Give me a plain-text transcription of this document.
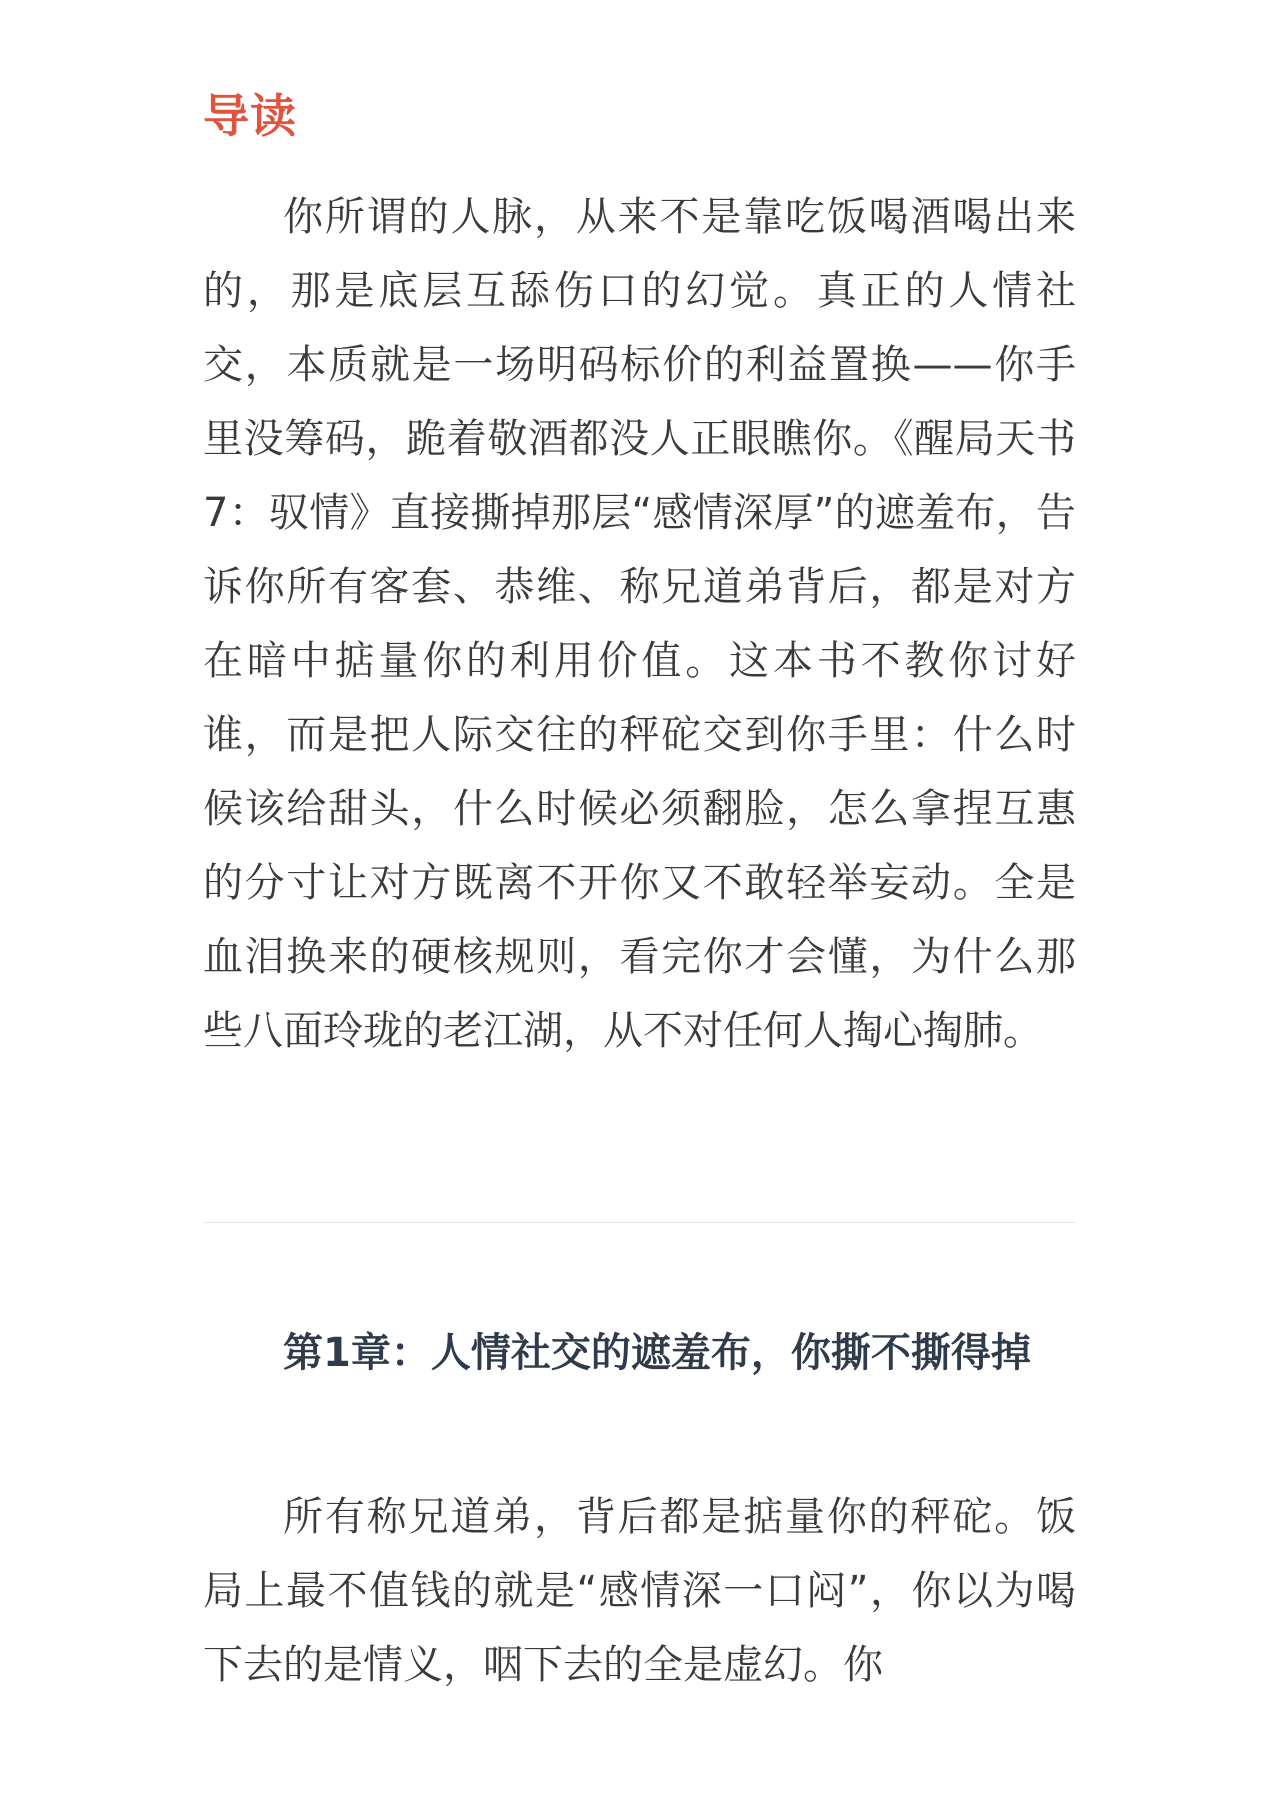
导读

你所谓的人脉，从来不是靠吃饭喝酒喝出来的，那是底层互舔伤口的幻觉。真正的人情社交，本质就是一场明码标价的利益置换——你手里没筹码，跪着敬酒都没人正眼瞧你。《醒局天书7：驭情》直接撕掉那层“感情深厚”的遮羞布，告诉你所有客套、恭维、称兄道弟背后，都是对方在暗中掂量你的利用价值。这本书不教你讨好谁，而是把人际交往的秤砣交到你手里：什么时候该给甜头，什么时候必须翻脸，怎么拿捏互惠的分寸让对方既离不开你又不敢轻举妄动。全是血泪换来的硬核规则，看完你才会懂，为什么那些八面玲珑的老江湖，从不对任何人掏心掏肺。

第1章：人情社交的遮羞布，你撕不撕得掉

所有称兄道弟，背后都是掂量你的秤砣。饭局上最不值钱的就是“感情深一口闷”，你以为喝下去的是情义，咽下去的全是虚幻。你
